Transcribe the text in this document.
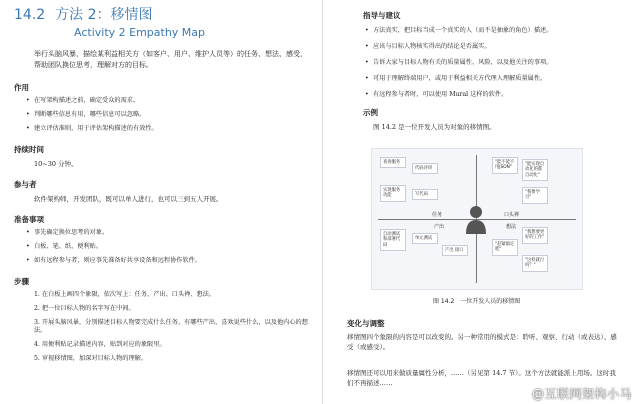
14.2 方法 2：移情图
Activity 2 Empathy Map
举行头脑风暴，描绘某利益相关方（如客户、用户、维护人员等）的任务、想法、感受，帮助团队换位思考，理解对方的目标。
作用
• 在写架构描述之前，确定受众的需求。
• 判断哪些信息有用，哪些信息可以忽略。
• 建立评估准则，用于评估架构描述的有效性。
持续时间
10~30 分钟。
参与者
软件架构师，开发团队，既可以单人进行，也可以三到五人开展。
准备事项
• 事先确定换位思考的对象。
• 白板、笔、纸、便利贴。
• 如有远程参与者，则应事先准备好共享设备和远程协作软件。
步骤
1. 在白板上画四个象限，依次写上：任务、产出、口头禅、想法。
2. 把一位目标人物的名字写在中间。
3. 开展头脑风暴，分别描述目标人物要完成什么任务、有哪些产出、喜欢说些什么，以及他内心的想法。
4. 用便利贴记录描述内容，贴到对应的象限里。
5. 审视移情图，加深对目标人物的理解。
指导与建议
• 方法真实，把目标当成一个真实的人（而不是抽象的角色）描述。
• 应该与目标人物核实得出的结论是否属实。
• 告诉大家与目标人物有关的质量属性、风险，以及他关注的事项。
• 可用于理解终端用户，或用于利益相关方代理人理解质量属性。
• 有远程参与者时，可以使用 Mural 这样的软件。
示例
图 14.2 是一位开发人员为对象的移情图。
任务
产出
口头禅
想法
查询服务
代码评审
实现服务功能	写代码
自动测试和部署代码
单元测试
产出 接口
"能不能不用JSON"
"能实现自动化的都自动化"
"我要学习"
"我想要更好的工作"
"赶紧搞定吧"
"这样就行吗？"
图 14.2　一位开发人员的移情图
变化与调整
移情图四个象限的内容是可以改变的。另一种常用的模式是：聆听、观察、行动（或表达）、感受（或感受）。
移情图还可以用来做质量属性分析，……（另见第 14.7 节）。这个方法就能派上用场。这时我们不再描述……
@互联网架构小马
